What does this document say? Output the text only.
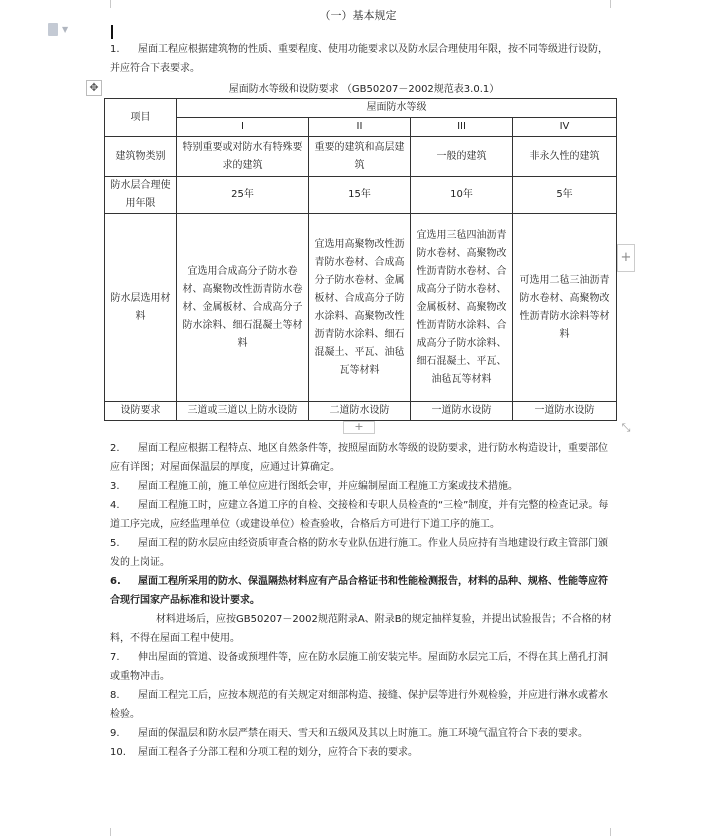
▼
（一）基本规定
1. 屋面工程应根据建筑物的性质、重要程度、使用功能要求以及防水层合理使用年限，按不同等级进行设防，并应符合下表要求。
✥	屋面防水等级和设防要求 （GB50207－2002规范表3.0.1）
项目	屋面防水等级			
	I	II	III	IV
建筑物类别	特别重要或对防水有特殊要求的建筑	重要的建筑和高层建筑	一般的建筑	非永久性的建筑
防水层合理使用年限	25年	15年	10年	5年
防水层选用材料	宜选用合成高分子防水卷材、高聚物改性沥青防水卷材、金属板材、合成高分子防水涂料、细石混凝土等材料	宜选用高聚物改性沥青防水卷材、合成高分子防水卷材、金属板材、合成高分子防水涂料、高聚物改性沥青防水涂料、细石混凝土、平瓦、油毡瓦等材料	宜选用三毡四油沥青防水卷材、高聚物改性沥青防水卷材、合成高分子防水卷材、金属板材、高聚物改性沥青防水涂料、合成高分子防水涂料、细石混凝土、平瓦、油毡瓦等材料	可选用二毡三油沥青防水卷材、高聚物改性沥青防水涂料等材料
设防要求	三道或三道以上防水设防	二道防水设防	一道防水设防	一道防水设防
+
+	⤡
2. 屋面工程应根据工程特点、地区自然条件等，按照屋面防水等级的设防要求，进行防水构造设计，重要部位应有详图；对屋面保温层的厚度，应通过计算确定。
3. 屋面工程施工前，施工单位应进行图纸会审，并应编制屋面工程施工方案或技术措施。
4. 屋面工程施工时，应建立各道工序的自检、交接检和专职人员检查的“三检”制度，并有完整的检查记录。每道工序完成，应经监理单位（或建设单位）检查验收，合格后方可进行下道工序的施工。
5. 屋面工程的防水层应由经资质审查合格的防水专业队伍进行施工。作业人员应持有当地建设行政主管部门颁发的上岗证。
6. 屋面工程所采用的防水、保温隔热材料应有产品合格证书和性能检测报告，材料的品种、规格、性能等应符合现行国家产品标准和设计要求。
材料进场后，应按GB50207－2002规范附录A、附录B的规定抽样复验，并提出试验报告；不合格的材料，不得在屋面工程中使用。
7. 伸出屋面的管道、设备或预埋件等，应在防水层施工前安装完毕。屋面防水层完工后，不得在其上凿孔打洞或重物冲击。
8. 屋面工程完工后，应按本规范的有关规定对细部构造、接缝、保护层等进行外观检验，并应进行淋水或蓄水检验。
9. 屋面的保温层和防水层严禁在雨天、雪天和五级风及其以上时施工。施工环境气温宜符合下表的要求。
10. 屋面工程各子分部工程和分项工程的划分，应符合下表的要求。
